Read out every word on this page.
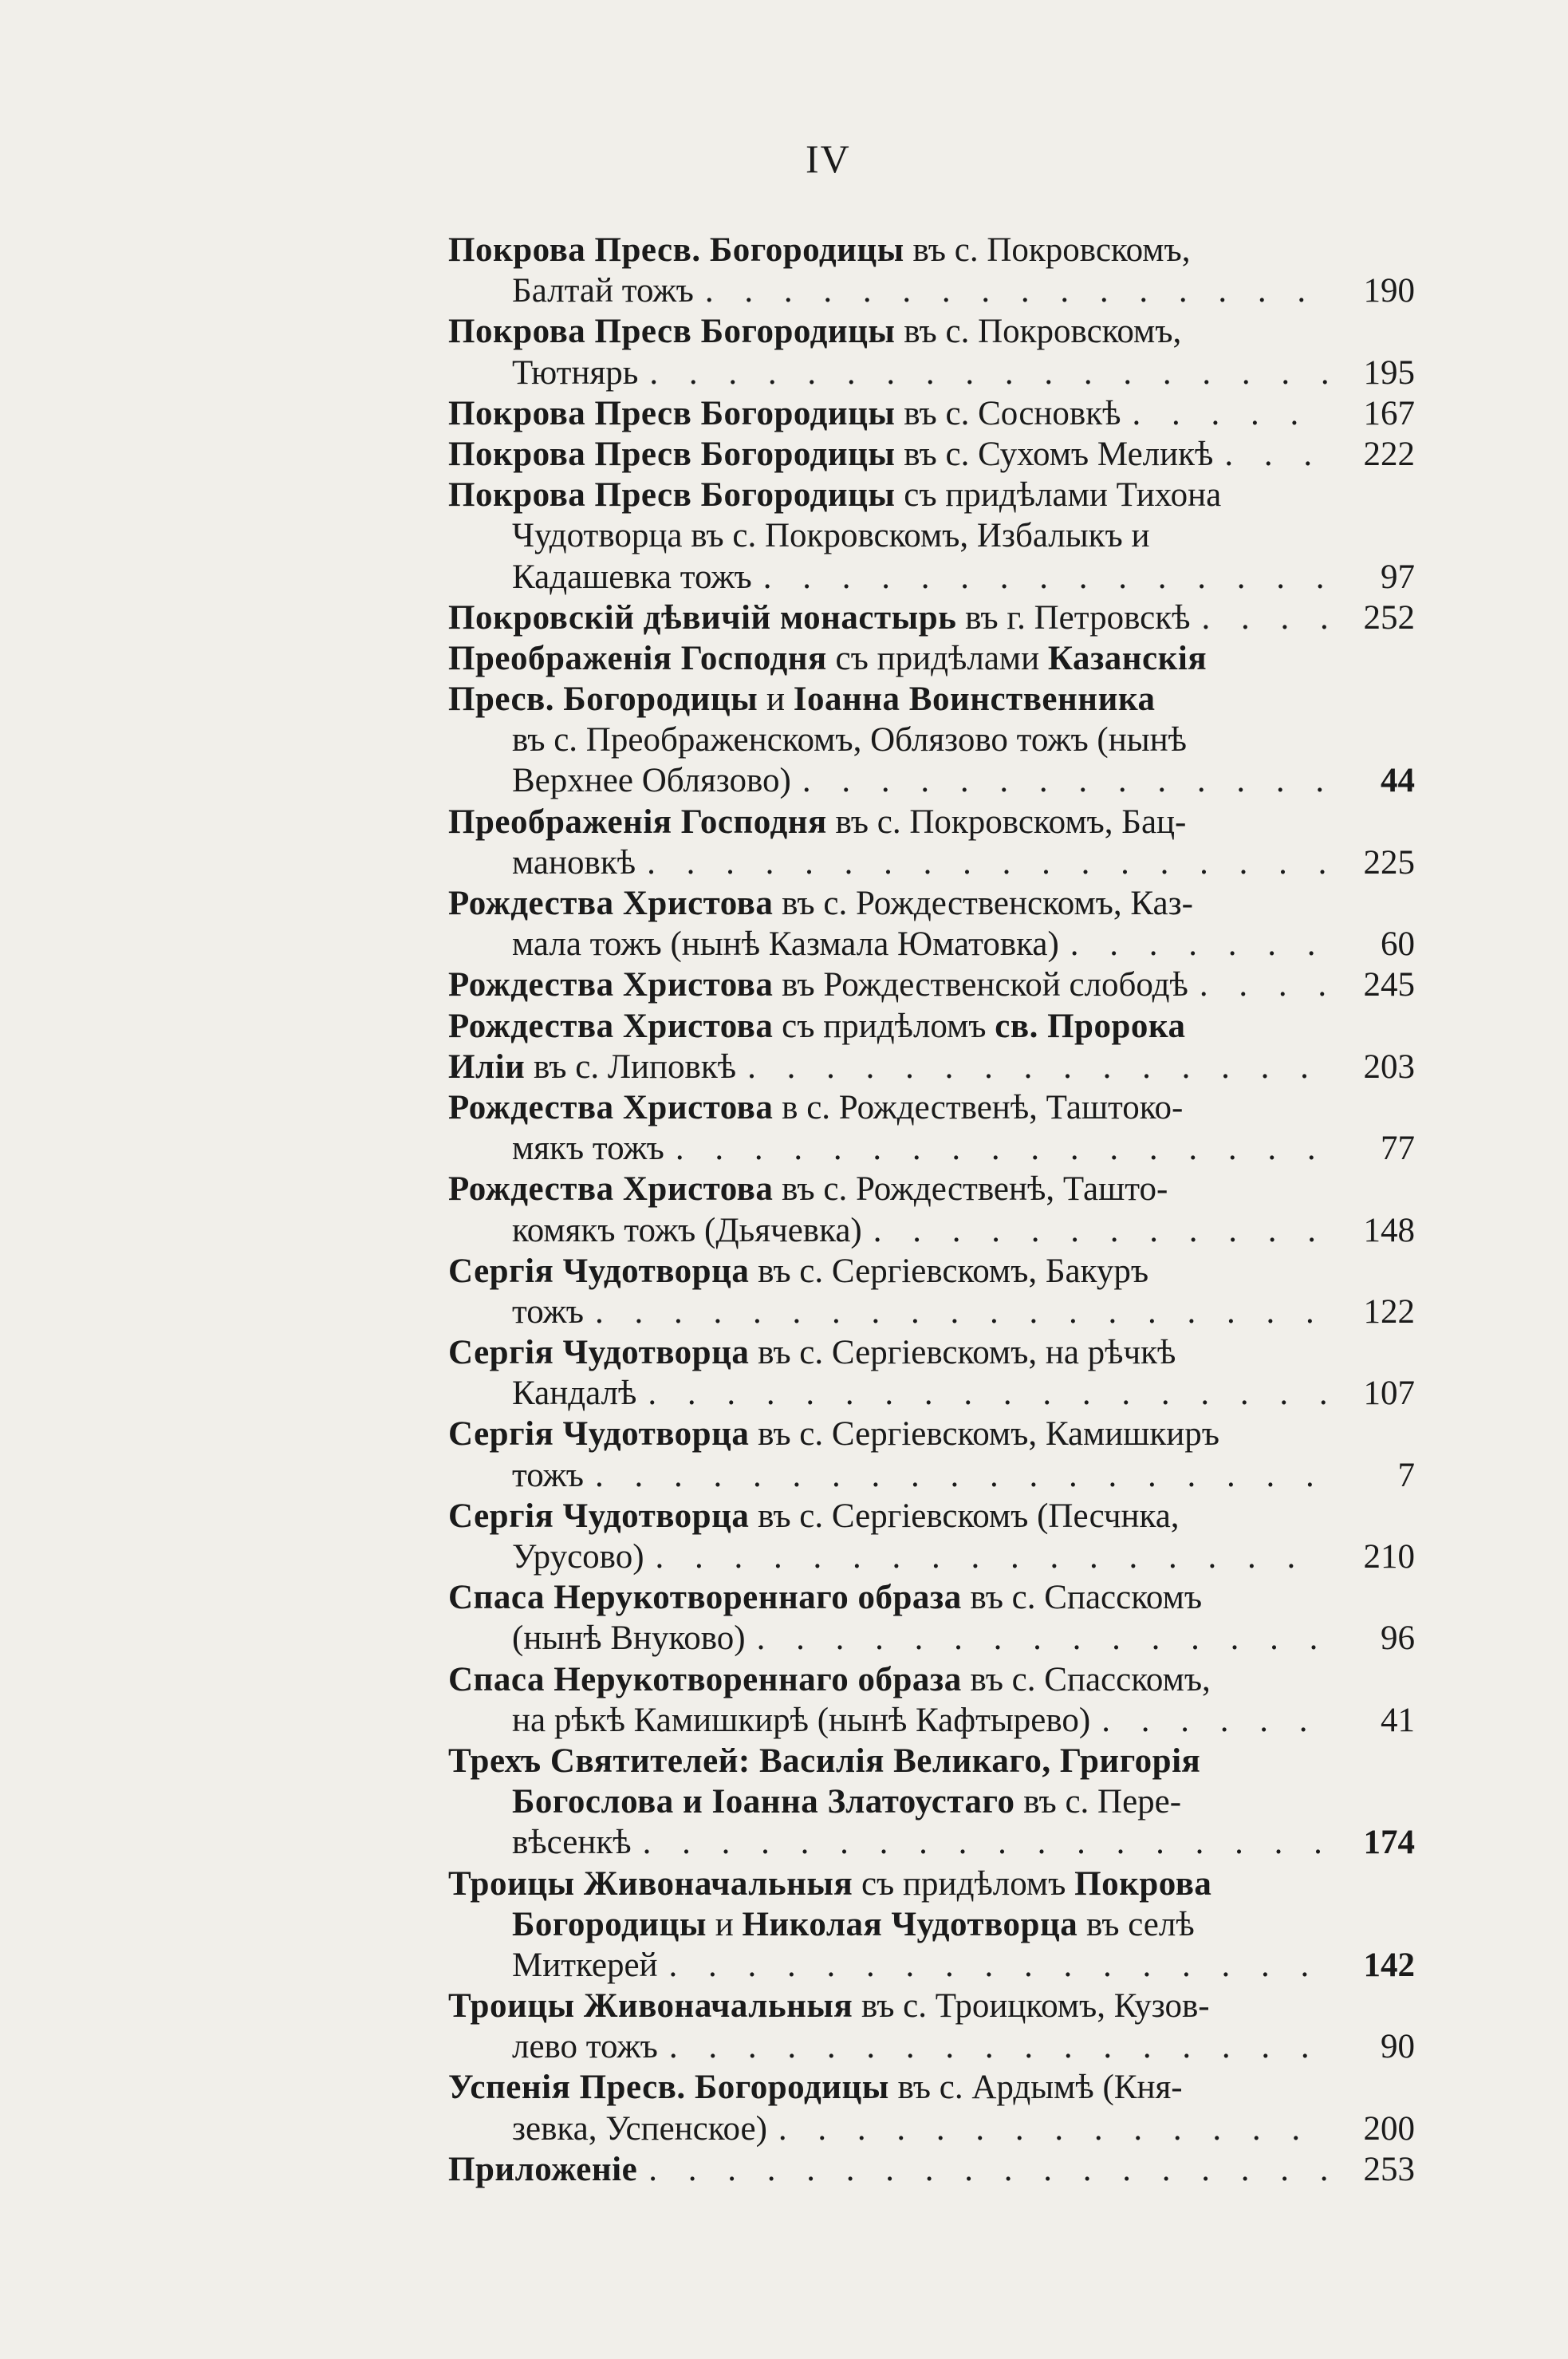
IV
Покрова Пресв. Богородицы въ с. Покровскомъ,
Балтай тожъ . . .	190
Покрова Пресв Богородицы въ с. Покровскомъ,
Тютнярь . . .	195
Покрова Пресв Богородицы въ с. Сосновкѣ . . .	167
Покрова Пресв Богородицы въ с. Сухомъ Меликѣ . . .	222
Покрова Пресв Богородицы съ придѣлами Тихона
Чудотворца въ с. Покровскомъ, Избалыкъ и
Кадашевка тожъ . . .	97
Покровскій дѣвичій монастырь въ г. Петровскѣ . . .	252
Преображенія Господня съ придѣлами Казанскія
Пресв. Богородицы и Іоанна Воинственника
въ с. Преображенскомъ, Облязово тожъ (нынѣ
Верхнее Облязово) . . .	44
Преображенія Господня въ с. Покровскомъ, Бац-
мановкѣ . . .	225
Рождества Христова въ с. Рождественскомъ, Каз-
мала тожъ (нынѣ Казмала Юматовка) . . .	60
Рождества Христова въ Рождественской слободѣ . . .	245
Рождества Христова съ придѣломъ св. Пророка
Иліи въ с. Липовкѣ . . .	203
Рождества Христова в с. Рождественѣ, Таштоко-
мякъ тожъ . . .	77
Рождества Христова въ с. Рождественѣ, Ташто-
комякъ тожъ (Дьячевка) . . .	148
Сергія Чудотворца въ с. Сергіевскомъ, Бакуръ
тожъ . . .	122
Сергія Чудотворца въ с. Сергіевскомъ, на рѣчкѣ
Кандалѣ . . .	107
Сергія Чудотворца въ с. Сергіевскомъ, Камишкиръ
тожъ . . .	7
Сергія Чудотворца въ с. Сергіевскомъ (Песчнка,
Урусово) . . .	210
Спаса Нерукотвореннаго образа въ с. Спасскомъ
(нынѣ Внуково) . . .	96
Спаса Нерукотвореннаго образа въ с. Спасскомъ,
на рѣкѣ Камишкирѣ (нынѣ Кафтырево) . . .	41
Трехъ Святителей: Василія Великаго, Григорія
Богослова и Іоанна Златоустаго въ с. Пере-
вѣсенкѣ . . .	174
Троицы Живоначальныя съ придѣломъ Покрова
Богородицы и Николая Чудотворца въ селѣ
Миткерей . . .	142
Троицы Живоначальныя въ с. Троицкомъ, Кузов-
лево тожъ . . .	90
Успенія Пресв. Богородицы въ с. Ардымѣ (Кня-
зевка, Успенское) . . .	200
Приложеніе . . .	253
